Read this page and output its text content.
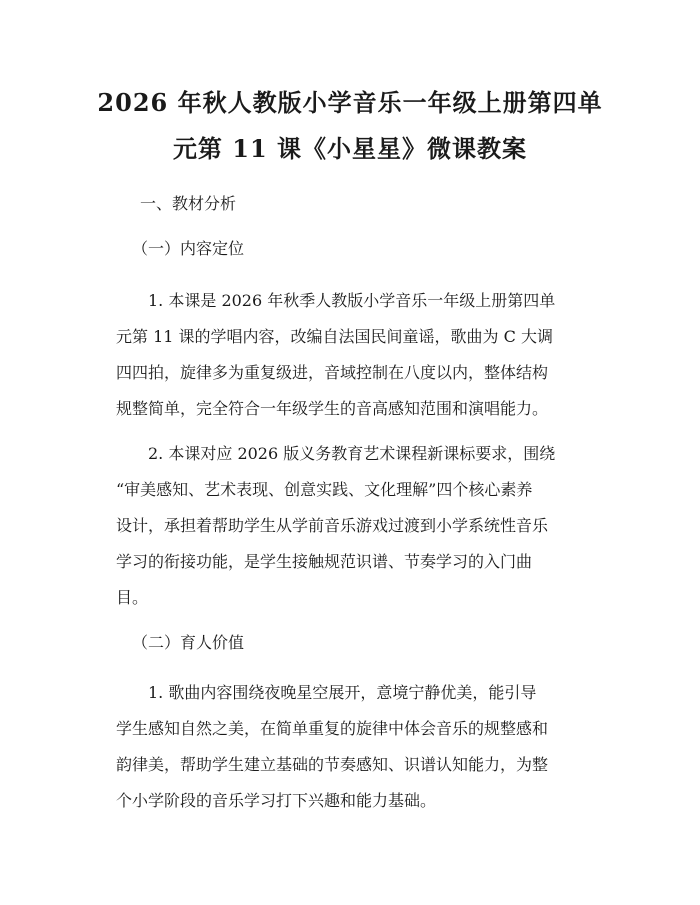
2026 年秋人教版小学音乐一年级上册第四单
元第 11 课《小星星》微课教案

一、教材分析

（一）内容定位

1. 本课是 2026 年秋季人教版小学音乐一年级上册第四单

元第 11 课的学唱内容，改编自法国民间童谣，歌曲为 C 大调

四四拍，旋律多为重复级进，音域控制在八度以内，整体结构

规整简单，完全符合一年级学生的音高感知范围和演唱能力。

2. 本课对应 2026 版义务教育艺术课程新课标要求，围绕

“审美感知、艺术表现、创意实践、文化理解”四个核心素养

设计，承担着帮助学生从学前音乐游戏过渡到小学系统性音乐

学习的衔接功能，是学生接触规范识谱、节奏学习的入门曲

目。

（二）育人价值

1. 歌曲内容围绕夜晚星空展开，意境宁静优美，能引导

学生感知自然之美，在简单重复的旋律中体会音乐的规整感和

韵律美，帮助学生建立基础的节奏感知、识谱认知能力，为整

个小学阶段的音乐学习打下兴趣和能力基础。
